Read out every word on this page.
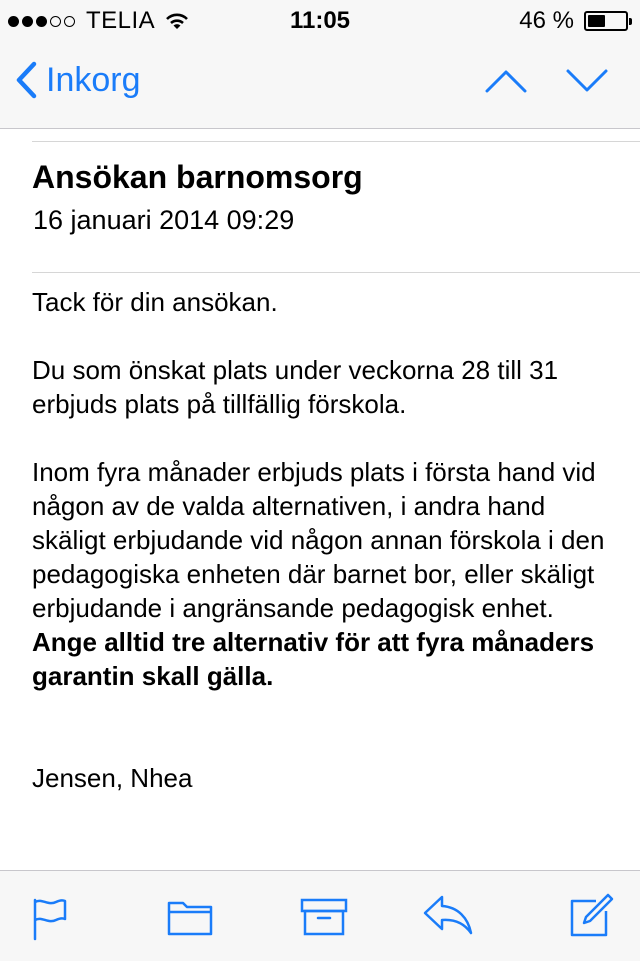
TELIA	11:05	46 %
Inkorg
Ansökan barnomsorg
16 januari 2014 09:29

Tack för din ansökan.

Du som önskat plats under veckorna 28 till 31 erbjuds plats på tillfällig förskola.

Inom fyra månader erbjuds plats i första hand vid någon av de valda alternativen, i andra hand skäligt erbjudande vid någon annan förskola i den pedagogiska enheten där barnet bor, eller skäligt erbjudande i angränsande pedagogisk enhet.

Ange alltid tre alternativ för att fyra månaders garantin skall gälla.

Jensen, Nhea
